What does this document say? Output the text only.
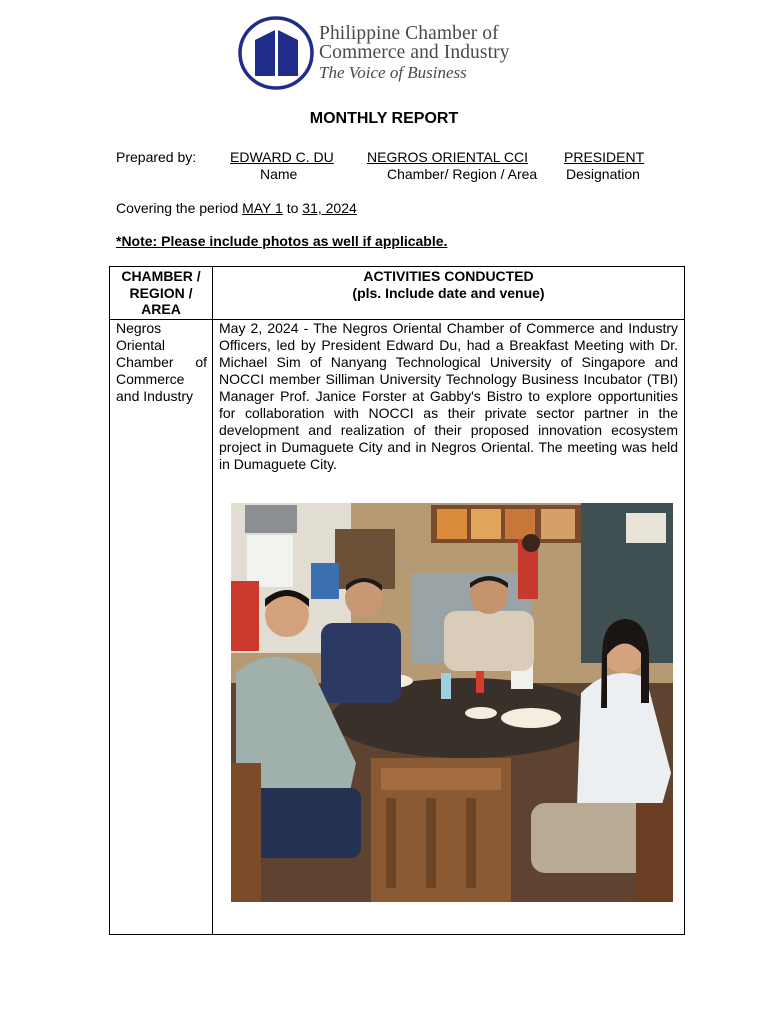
Philippine Chamber of
Commerce and Industry
The Voice of Business
MONTHLY REPORT
Prepared by: EDWARD C. DU NEGROS ORIENTAL CCI	PRESIDENT
Name	Chamber/ Region / Area Designation
Covering the period MAY 1 to 31, 2024
*Note: Please include photos as well if applicable.
CHAMBER / REGION / AREA
ACTIVITIES CONDUCTED
(pls. Include date and venue)
Negros Oriental Chamber of Commerce and Industry
May 2, 2024 - The Negros Oriental Chamber of Commerce and Industry Officers, led by President Edward Du, had a Breakfast Meeting with Dr. Michael Sim of Nanyang Technological University of Singapore and NOCCI member Silliman University Technology Business Incubator (TBI) Manager Prof. Janice Forster at Gabby's Bistro to explore opportunities for collaboration with NOCCI as their private sector partner in the development and realization of their proposed innovation ecosystem project in Dumaguete City and in Negros Oriental. The meeting was held in Dumaguete City.
